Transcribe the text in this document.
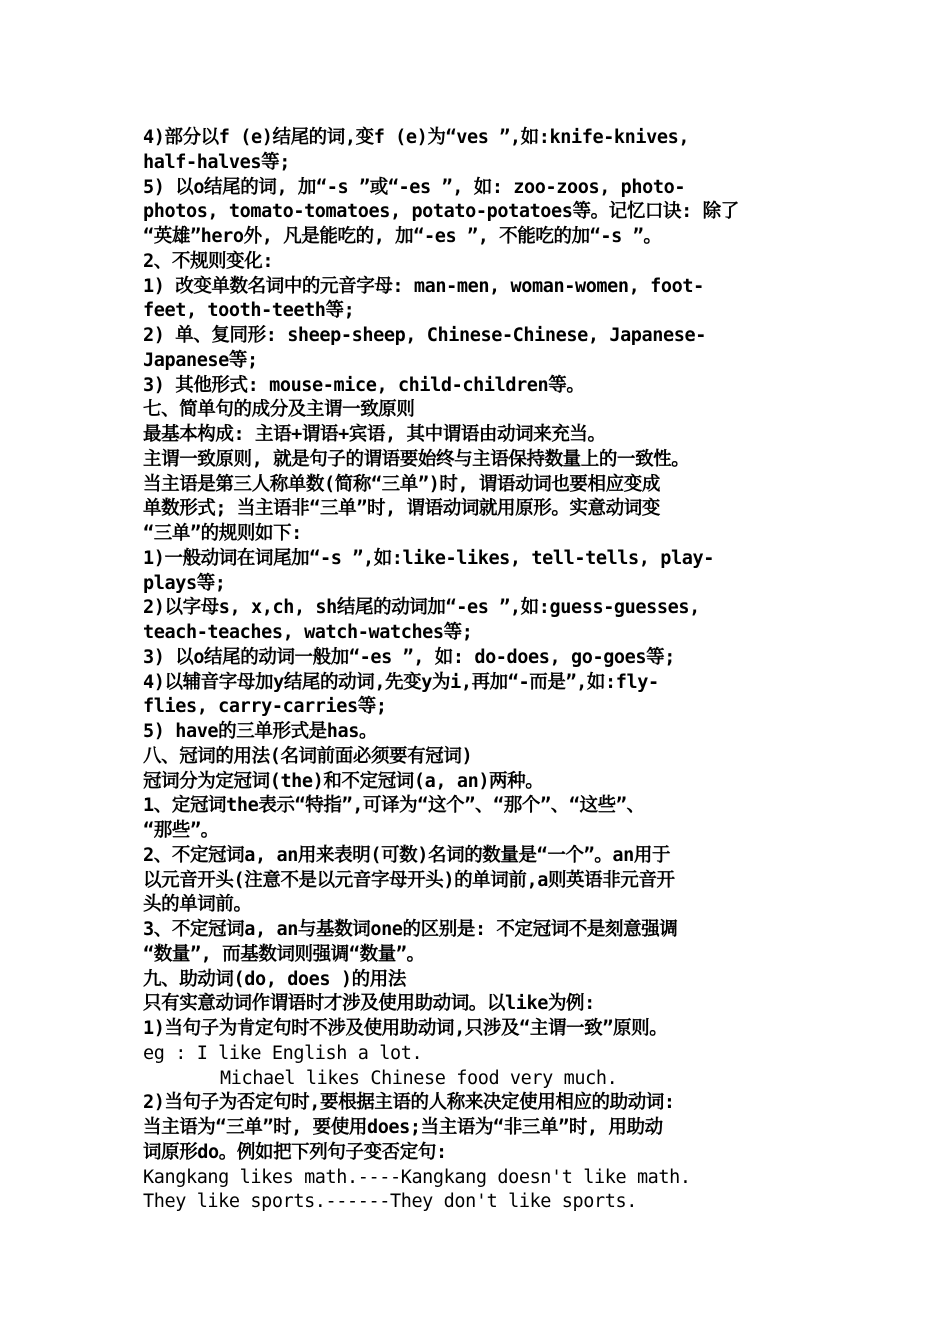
4)部分以f (e)结尾的词,变f (e)为“ves ”,如:knife-knives,
half-halves等;
5) 以o结尾的词, 加“-s ”或“-es ”, 如: zoo-zoos, photo-
photos, tomato-tomatoes, potato-potatoes等。记忆口诀: 除了
“英雄”hero外, 凡是能吃的, 加“-es ”, 不能吃的加“-s ”。
2、不规则变化:
1) 改变单数名词中的元音字母: man-men, woman-women, foot-
feet, tooth-teeth等;
2) 单、复同形: sheep-sheep, Chinese-Chinese, Japanese-
Japanese等;
3) 其他形式: mouse-mice, child-children等。
七、简单句的成分及主谓一致原则
最基本构成: 主语+谓语+宾语, 其中谓语由动词来充当。
主谓一致原则, 就是句子的谓语要始终与主语保持数量上的一致性。
当主语是第三人称单数(简称“三单”)时, 谓语动词也要相应变成
单数形式; 当主语非“三单”时, 谓语动词就用原形。实意动词变
“三单”的规则如下:
1)一般动词在词尾加“-s ”,如:like-likes, tell-tells, play-
plays等;
2)以字母s, x,ch, sh结尾的动词加“-es ”,如:guess-guesses,
teach-teaches, watch-watches等;
3) 以o结尾的动词一般加“-es ”, 如: do-does, go-goes等;
4)以辅音字母加y结尾的动词,先变y为i,再加“-而是”,如:fly-
flies, carry-carries等;
5) have的三单形式是has。
八、冠词的用法(名词前面必须要有冠词)
冠词分为定冠词(the)和不定冠词(a, an)两种。
1、定冠词the表示“特指”,可译为“这个”、“那个”、“这些”、
“那些”。
2、不定冠词a, an用来表明(可数)名词的数量是“一个”。an用于
以元音开头(注意不是以元音字母开头)的单词前,a则英语非元音开
头的单词前。
3、不定冠词a, an与基数词one的区别是: 不定冠词不是刻意强调
“数量”, 而基数词则强调“数量”。
九、助动词(do, does )的用法
只有实意动词作谓语时才涉及使用助动词。以like为例:
1)当句子为肯定句时不涉及使用助动词,只涉及“主谓一致”原则。
eg : I like English a lot.
Michael likes Chinese food very much.
2)当句子为否定句时,要根据主语的人称来决定使用相应的助动词:
当主语为“三单”时, 要使用does;当主语为“非三单”时, 用助动
词原形do。例如把下列句子变否定句:
Kangkang likes math.----Kangkang doesn't like math.
They like sports.------They don't like sports.
